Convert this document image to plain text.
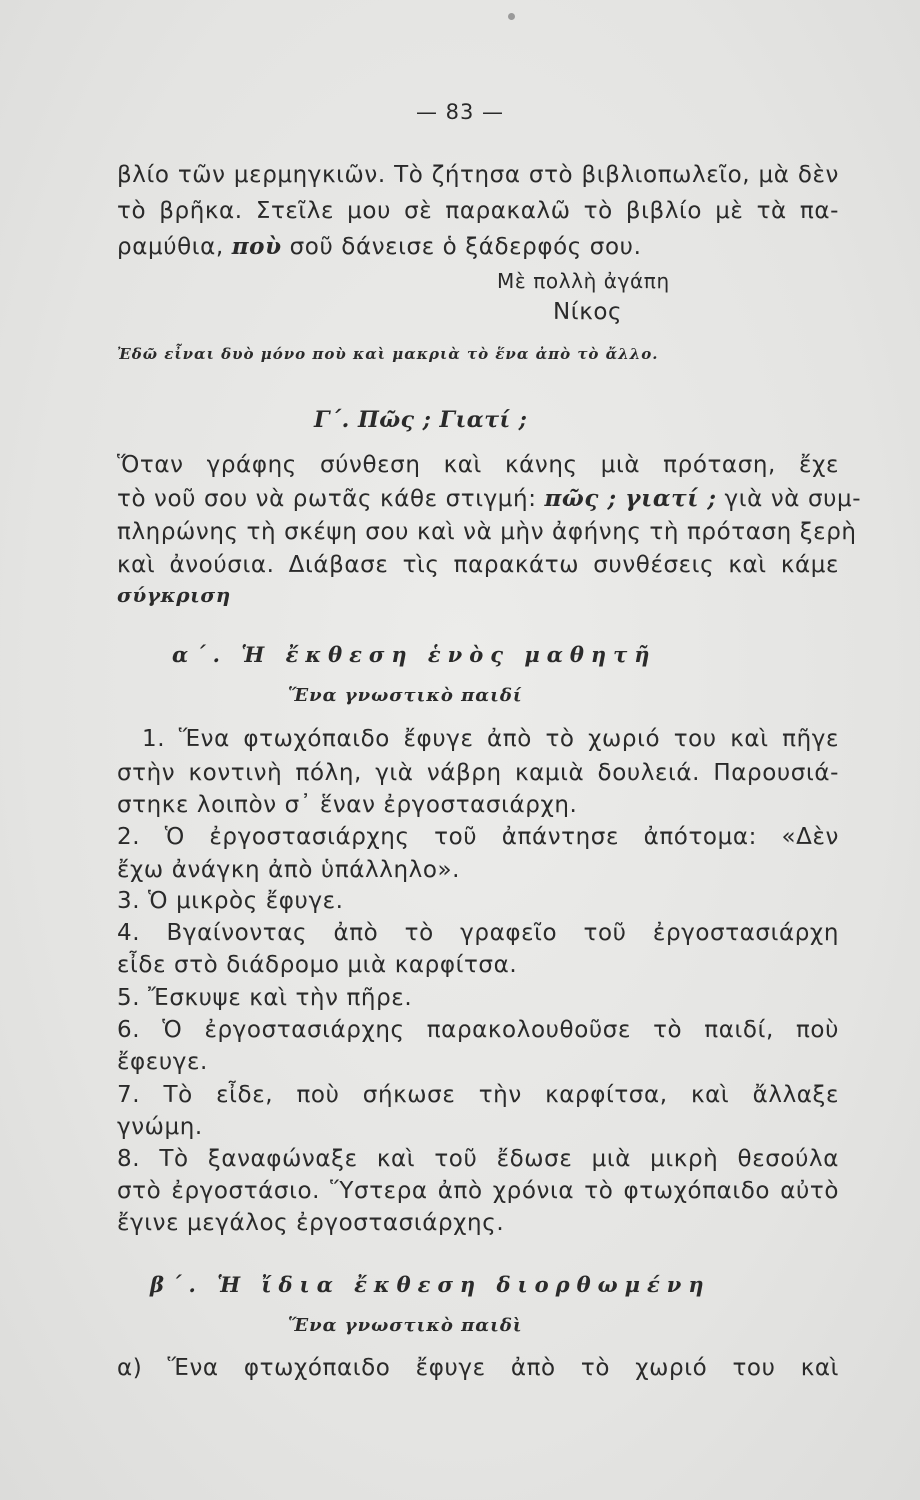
— 83 —
βλίο τῶν μερμηγκιῶν. Τὸ ζήτησα στὸ βιβλιοπωλεῖο, μὰ δὲν
τὸ βρῆκα. Στεῖλε μου σὲ παρακαλῶ τὸ βιβλίο μὲ τὰ πα-
ραμύθια, ποὺ σοῦ δάνεισε ὁ ξάδερφός σου.
Μὲ πολλὴ ἀγάπη
Νίκος
Ἐδῶ εἶναι δυὸ μόνο ποὺ καὶ μακριὰ τὸ ἕνα ἀπὸ τὸ ἄλλο.
Γ΄. Πῶς ; Γιατί ;
Ὅταν γράφης σύνθεση καὶ κάνης μιὰ πρόταση, ἔχε
τὸ νοῦ σου νὰ ρωτᾶς κάθε στιγμή: πῶς ; γιατί ; γιὰ νὰ συμ-
πληρώνης τὴ σκέψη σου καὶ νὰ μὴν ἀφήνης τὴ πρόταση ξερὴ
καὶ ἀνούσια. Διάβασε τὶς παρακάτω συνθέσεις καὶ κάμε
σύγκριση
α΄. Ἡ ἔκθεση ἑνὸς μαθητῆ
Ἕνα γνωστικὸ παιδί
1. Ἕνα φτωχόπαιδο ἔφυγε ἀπὸ τὸ χωριό του καὶ πῆγε
στὴν κοντινὴ πόλη, γιὰ νάβρη καμιὰ δουλειά. Παρουσιά-
στηκε λοιπὸν σ᾿ ἕναν ἐργοστασιάρχη.
2. Ὁ ἐργοστασιάρχης τοῦ ἀπάντησε ἀπότομα: «Δὲν
ἔχω ἀνάγκη ἀπὸ ὑπάλληλο».
3. Ὁ μικρὸς ἔφυγε.
4. Βγαίνοντας ἀπὸ τὸ γραφεῖο τοῦ ἐργοστασιάρχη
εἶδε στὸ διάδρομο μιὰ καρφίτσα.
5. Ἔσκυψε καὶ τὴν πῆρε.
6. Ὁ ἐργοστασιάρχης παρακολουθοῦσε τὸ παιδί, ποὺ
ἔφευγε.
7. Τὸ εἶδε, ποὺ σήκωσε τὴν καρφίτσα, καὶ ἄλλαξε
γνώμη.
8. Τὸ ξαναφώναξε καὶ τοῦ ἔδωσε μιὰ μικρὴ θεσούλα
στὸ ἐργοστάσιο. Ὕστερα ἀπὸ χρόνια τὸ φτωχόπαιδο αὐτὸ
ἔγινε μεγάλος ἐργοστασιάρχης.
β΄. Ἡ ἴδια ἔκθεση διορθωμένη
Ἕνα γνωστικὸ παιδὶ
α) Ἕνα φτωχόπαιδο ἔφυγε ἀπὸ τὸ χωριό του καὶ
